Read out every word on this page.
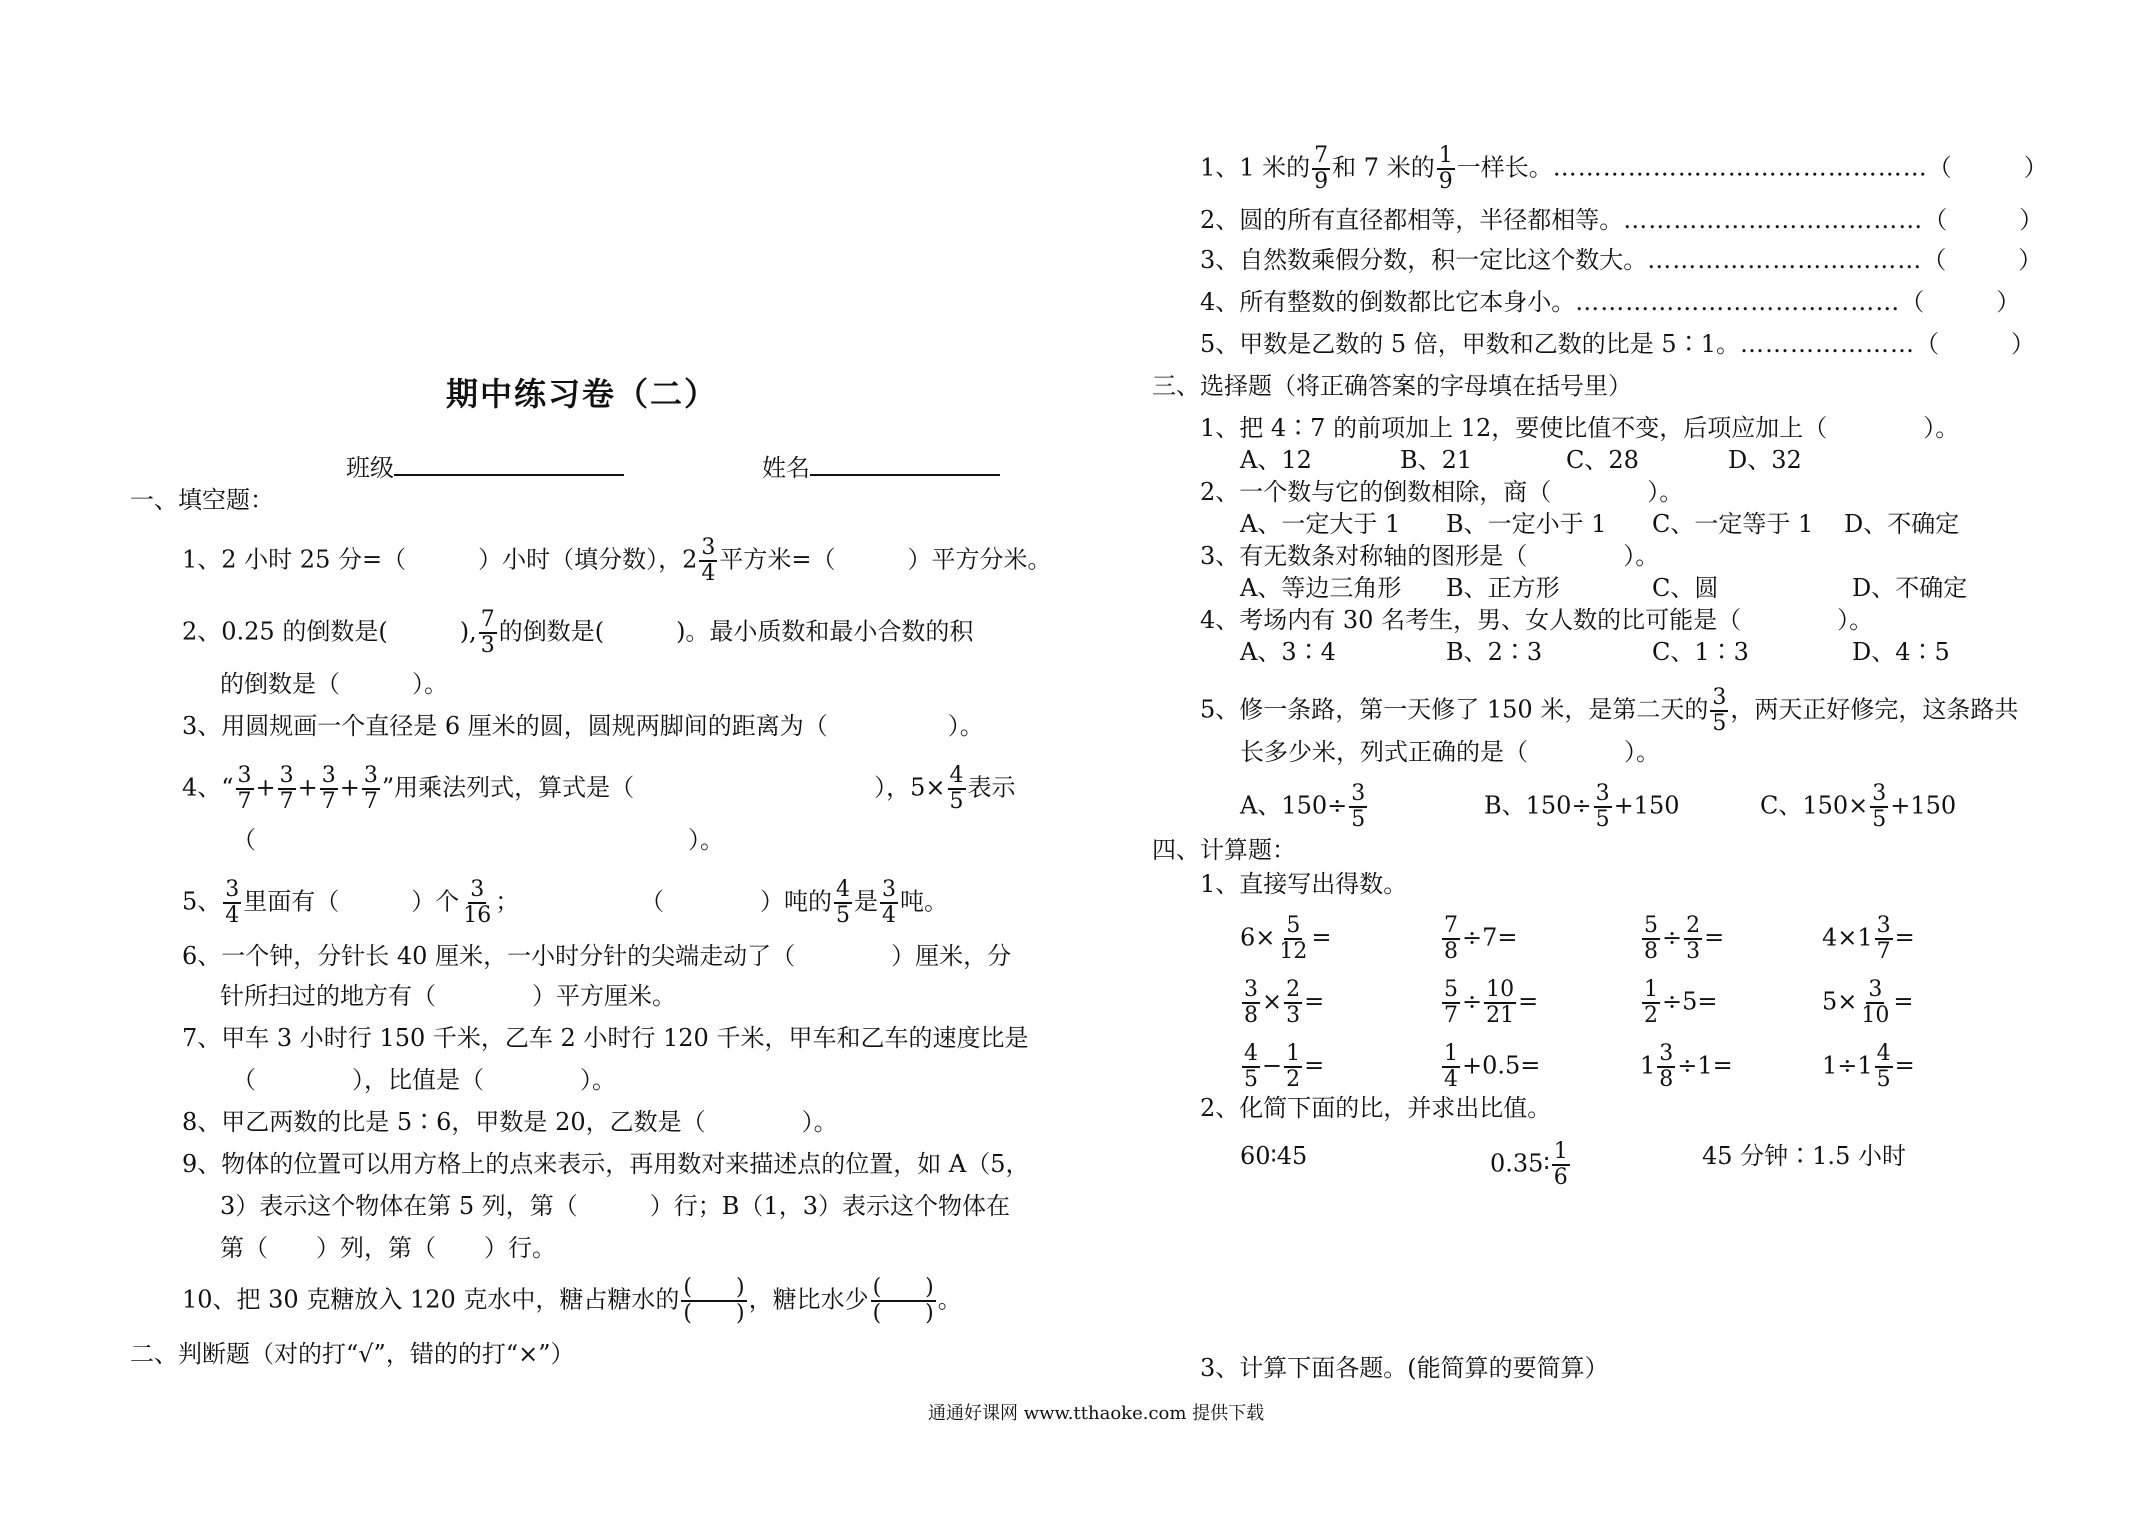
期中练习卷（二）
班级	姓名
一、填空题：
1、2 小时 25 分=（　　　）小时（填分数），$2 \frac{3}{4}$ 平方米=（　　　）平方分米。
2、0.25 的倒数是(　　　), $\frac{7}{3}$ 的倒数是(　　　)。最小质数和最小合数的积
的倒数是（　　　）。
3、用圆规画一个直径是 6 厘米的圆，圆规两脚间的距离为（　　　　　）。
4、“ $\frac{3}{7} + \frac{3}{7} + \frac{3}{7} + \frac{3}{7}$ ”用乘法列式，算式是（　　　　　　　　　　），$5\times \frac{4}{5}$ 表示
（　　　　　　　　　　　　　　　　　　）。
5、 $\frac{3}{4}$ 里面有（　　　）个 $\frac{3}{16}$ ；	（　　　　）吨的 $\frac{4}{5}$ 是 $\frac{3}{4}$ 吨。
6、一个钟，分针长 40 厘米，一小时分针的尖端走动了（　　　　）厘米，分
针所扫过的地方有（　　　　）平方厘米。
7、甲车 3 小时行 150 千米，乙车 2 小时行 120 千米，甲车和乙车的速度比是
（　　　　），比值是（　　　　）。
8、甲乙两数的比是 5∶6，甲数是 20，乙数是（　　　　）。
9、物体的位置可以用方格上的点来表示，再用数对来描述点的位置，如 A（5，
3）表示这个物体在第 5 列，第（　　　）行；B（1，3）表示这个物体在
第（　　）列，第（　　）行。
10、把 30 克糖放入 120 克水中，糖占糖水的 $\frac{( )}{( )}$ ，糖比水少 $\frac{( )}{( )}$ 。
二、判断题（对的打“√”，错的的打“×”）
1、1 米的 $\frac{7}{9}$ 和 7 米的 $\frac{1}{9}$ 一样长。………………………………………（　　　）
2、圆的所有直径都相等，半径都相等。………………………………（　　　）
3、自然数乘假分数，积一定比这个数大。……………………………（　　　）
4、所有整数的倒数都比它本身小。…………………………………（　　　）
5、甲数是乙数的 5 倍，甲数和乙数的比是 5∶1。…………………（　　　）
三、选择题（将正确答案的字母填在括号里）
1、把 4∶7 的前项加上 12，要使比值不变，后项应加上（　　　　）。
A、12	B、21	C、28	D、32
2、一个数与它的倒数相除，商（　　　　）。
A、一定大于 1 B、一定小于 1 C、一定等于 1 D、不确定
3、有无数条对称轴的图形是（　　　　）。
A、等边三角形 B、正方形	C、圆	D、不确定
4、考场内有 30 名考生，男、女人数的比可能是（　　　　）。
A、3∶4	B、2∶3	C、1∶3	D、4∶5
5、修一条路，第一天修了 150 米，是第二天的 $\frac{3}{5}$ ，两天正好修完，这条路共
长多少米，列式正确的是（　　　　）。
A、$150\div \frac{3}{5}$	B、$150\div \frac{3}{5} +150$	C、$150\times \frac{3}{5} +150$
四、计算题：
1、直接写出得数。
$6\times \frac{5}{12}$ =	$\frac{7}{8} \div 7=$	$\frac{5}{8} \div \frac{2}{3}$ =	$4\times 1 \frac{3}{7}$ =
$\frac{3}{8} \times \frac{2}{3}$ =	$\frac{5}{7} \div \frac{10}{21}$ =	$\frac{1}{2} \div 5=$	$5\times \frac{3}{10}$ =
$\frac{4}{5} - \frac{1}{2}$ =	$\frac{1}{4} +0.5=$	$1 \frac{3}{8} \div 1=$	$1\div 1 \frac{4}{5}$ =
2、化简下面的比，并求出比值。
60∶45	0.35∶ $\frac{1}{6}$	45 分钟∶1.5 小时
3、计算下面各题。(能简算的要简算）
通通好课网 www.tthaoke.com 提供下载
